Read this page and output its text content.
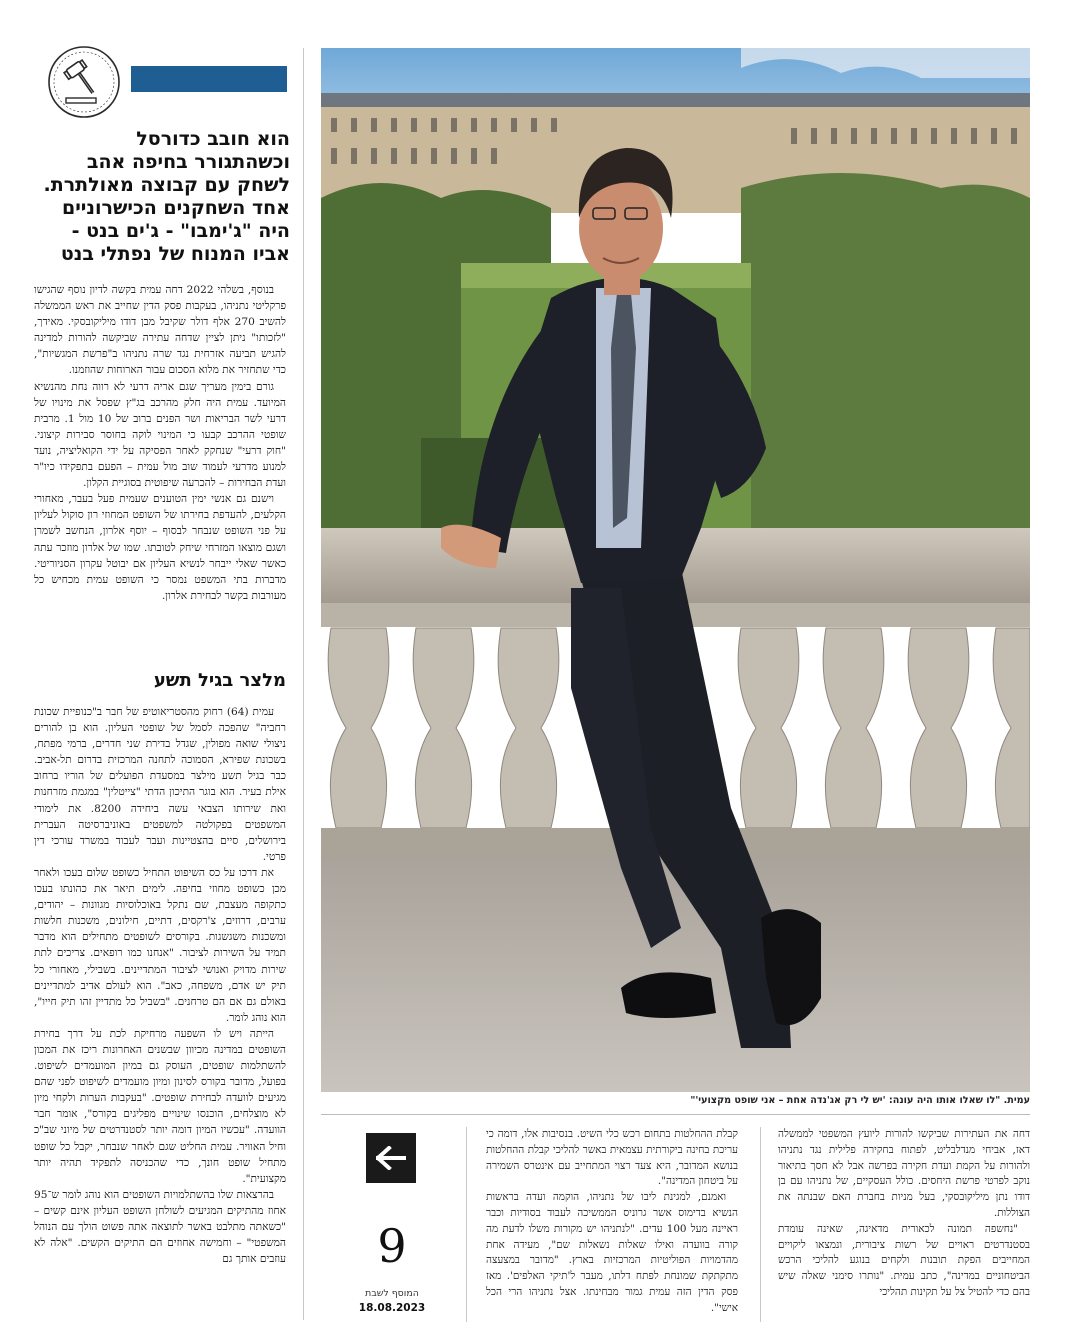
הוא חובב כדורסל
וכשהתגורר בחיפה אהב
לשחק עם קבוצה מאולתרת.
אחד השחקנים הכישרוניים
היה "ג'ימבו" - ג'ים בנט -
אביו המנוח של נפתלי בנט

בנוסף, בשלהי 2022 דחה עמית בקשה לדיון נוסף שהגישו פרקליטי נתניהו, בעקבות פסק הדין שחייב את ראש הממשלה להשיב 270 אלף דולר שקיבל מבן דודו מיליקובסקי. מאידך, "לזכותו" ניתן לציין שדחה עתירה שביקשה להורות למדינה להגיש תביעה אזרחית נגד שרה נתניהו ב"פרשת המגשיות", כדי שתחזיר את מלוא הסכום עבור הארוחות שהוזמנו.

גורם בימין מעריך שגם אריה דרעי לא רווה נחת מהנשיא המיועד. עמית היה חלק מהרכב בג"ץ שפסל את מינויו של דרעי לשר הבריאות ושר הפנים ברוב של 10 מול 1. מרבית שופטי ההרכב קבעו כי המינוי לוקה בחוסר סבירות קיצוני. "חוק דרעי" שנחקק לאחר הפסיקה על ידי הקואליציה, נועד למנוע מדרעי לעמוד שוב מול עמית – הפעם בתפקידו כיו"ר ועדת הבחירות – להכרעה שיפוטית בסוגיית הקלון.

וישנם גם אנשי ימין הטוענים שעמית פעל בעבר, מאחורי הקלעים, להעדפת בחירתו של השופט המחוזי רון סוקול לעליון על פני השופט שנבחר לבסוף – יוסף אלרון, הנחשב לשמרן ושגם מוצאו המזרחי שיחק לטובתו. שמו של אלרון מוזכר עתה כאשר שאלי ייבחר לנשיא העליון אם יבוטל עקרון הסניוריטי. מדברות בתי המשפט נמסר כי השופט עמית מכחיש כל מעורבות בקשר לבחירת אלרון.

מלצר בגיל תשע

עמית (64) רחוק מהסטריאוטיפ של חבר ב"כנופיית שכונת רחביה" שהפכה לסמל של שופטי העליון. הוא בן להורים ניצולי שואה מפולין, שגדל בדירת שני חדרים, ברמי מפתח, בשכונת שפירא, הסמוכה לתחנה המרכזית בדרום תל-אביב. כבר בגיל תשע מילצר במסעדת הפועלים של הוריו ברחוב אילת בעיר. הוא בוגר התיכון הדתי "צייטלין" במגמת מזרחנות ואת שירותו הצבאי עשה ביחידה 8200. את לימודי המשפטים בפקולטה למשפטים באוניברסיטה העברית בירושלים, סיים בהצטיינות ועבר לעבוד במשרד עורכי דין פרטי.

את דרכו על כס השיפוט התחיל כשופט שלום בעכו ולאחר מכן כשופט מחוזי בחיפה. לימים תיאר את כהונתו בעכו כתקופה מעצבת, שם נתקל באוכלוסיות מגוונות – יהודים, ערבים, דרוזים, צ'רקסים, דתיים, חילונים, משכנות חלשות ומשכנות משגשגות. בקורסים לשופטים מתחילים הוא מדבר תמיד על השירות לציבור. "אנחנו כמו רופאים. צריכים לתת שירות מדויק ואנושי לציבור המתדיינים. בשבילי, מאחורי כל תיק יש אדם, משפחה, כאב". הוא לעולם אדיב למתדיינים באולם גם אם הם טרחנים. "בשביל כל מתדיין זהו תיק חייו", הוא נוהג לומר.

הייתה ויש לו השפעה מרחיקת לכת על דרך בחירת השופטים במדינה מכיוון שבשנים האחרונות ריכז את המכון להשתלמות שופטים, העוסק גם במיון המועמדים לשיפוט. בפועל, מדובר בקורס לסינון ומיון מועמדים לשיפוט לפני שהם מגיעים לוועדה לבחירת שופטים. "בעקבות הערות ולקחי מיון לא מוצלחים, הוכנסו שינויים מפליגים בקורס", אומר חבר הוועדה. "עכשיו המיון דומה יותר לסטנדרטים של מיוני שב"כ וחיל האוויר. עמית החליט שגם לאחר שנבחר, יקבל כל שופט מתחיל שופט חונך, כדי שהכניסה לתפקיד תהיה יותר מקצועית".

בהרצאות שלו בהשתלמויות השופטים הוא נוהג לומר ש־95 אחוז מהתיקים המגיעים לשולחן השופט העליון אינם קשים – "כשאתה מתלבט באשר לתוצאה אתה פשוט הולך עם הנוהל המשפטי" – וחמישה אחוזים הם התיקים הקשים. "אלה לא עוזבים אותך גם

עמית. "לו שאלו אותו היה עונה: 'יש לי רק אג'נדה אחת – אני שופט מקצועי'"

דחה את העתירות שביקשו להורות ליועץ המשפטי לממשלה דאז, אביחי מנדלבליט, לפתוח בחקירה פלילית נגד נתניהו ולהורות על הקמת ועדת חקירה בפרשה אבל לא חסך בתיאור נוקב לפרטי פרשת היחסים. כולל העסקיים, של נתניהו עם בן דודו נתן מיליקובסקי, בעל מניות בחברת האם שבנתה את הצוללות.

"נחשפה תמונה לכאורית מדאיגה, שאינה עומדת בסטנדרטים ראויים של רשות ציבורית, ונמצאו ליקויים המחייבים הפקת תובנות ולקחים בנוגע להליכי הרכש הביטחוניים במדינה", כתב עמית. "נותרו סימני שאלה שיש בהם כדי להטיל צל על תקינות תהליכי

קבלת ההחלטות בתחום רכש כלי השיט. בנסיבות אלו, דומה כי עריכת בחינה ביקורתית עצמאית באשר להליכי קבלת ההחלטות בנושא המדובר, היא צעד רצוי המתחייב עם אינטרס השמירה על ביטחון המדינה".

ואמנם, למגינת ליבו של נתניהו, הוקמה ועדה בראשות הנשיא בדימוס אשר גרוניס הממשיכה לעבוד בסודיות וכבר ראיינה מעל 100 עדים. "לנתניהו יש מקורות משלו לדעת מה קורה בוועדה ואילו שאלות נשאלות שם", מעידה אחת מהדמויות הפוליטיות המרכזיות בארץ. "מדובר במצעצה מתקתקת שמונחת לפתח דלתו, מעבר ל'תיקי האלפים'. מאז פסק הדין הזה עמית גמור מבחינתו. אצל נתניהו הרי הכל אישי".

9
המוסף לשבת
18.08.2023
